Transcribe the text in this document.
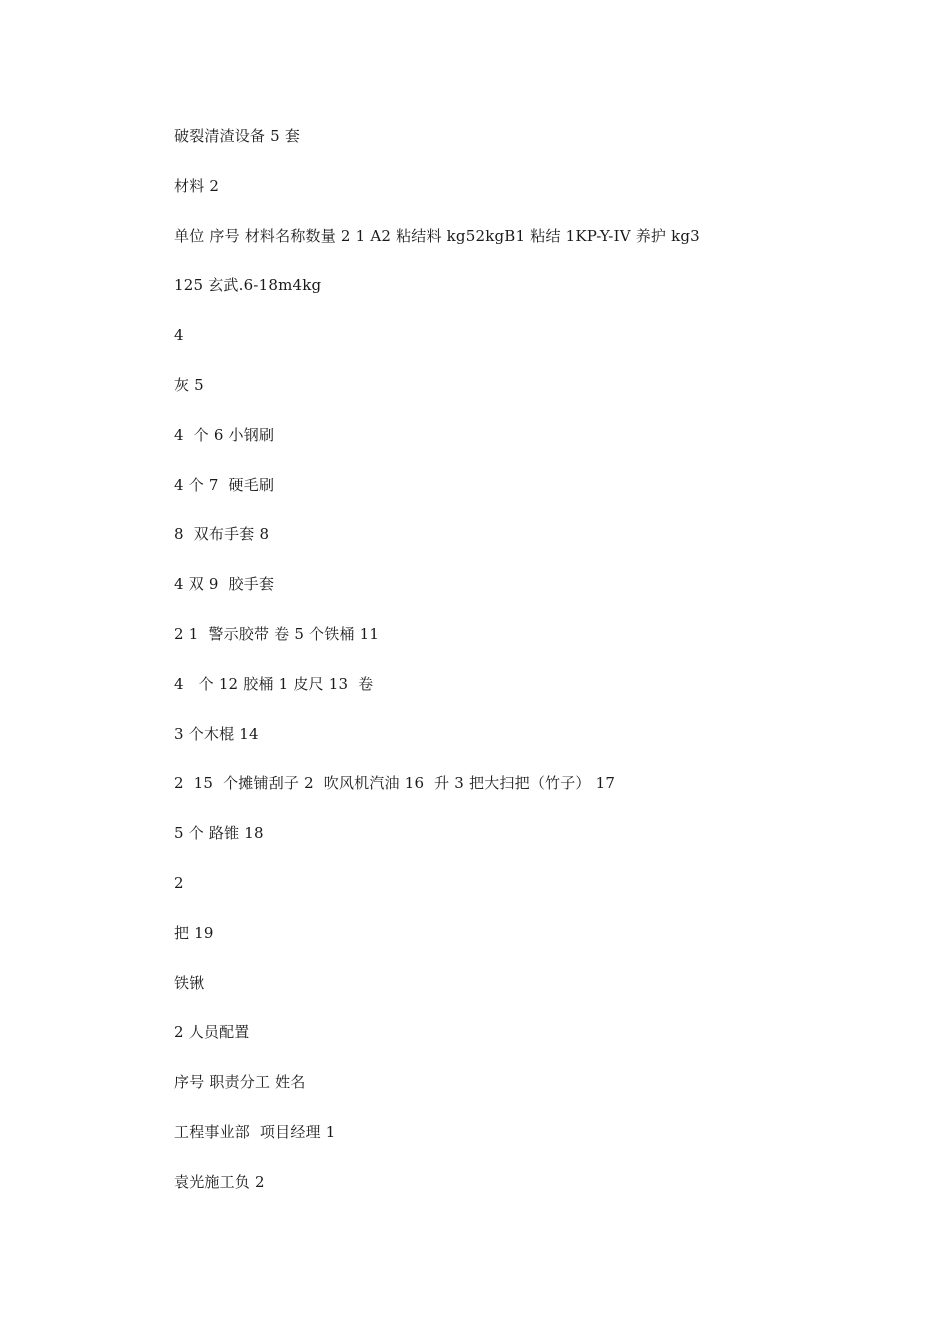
破裂清渣设备 5 套
材料 2
单位 序号 材料名称数量 2 1 A2 粘结料 kg52kgB1 粘结 1KP-Y-IV 养护 kg3
125 玄武.6-18m4kg
4
灰 5
4  个 6 小钢刷
4 个 7  硬毛刷
8  双布手套 8
4 双 9  胶手套
2 1  警示胶带 卷 5 个铁桶 11
4   个 12 胶桶 1 皮尺 13  卷
3 个木棍 14
2  15  个摊铺刮子 2  吹风机汽油 16  升 3 把大扫把（竹子） 17
5 个 路锥 18
2
把 19
铁锹
2 人员配置
序号 职责分工 姓名
工程事业部  项目经理 1
袁光施工负 2
